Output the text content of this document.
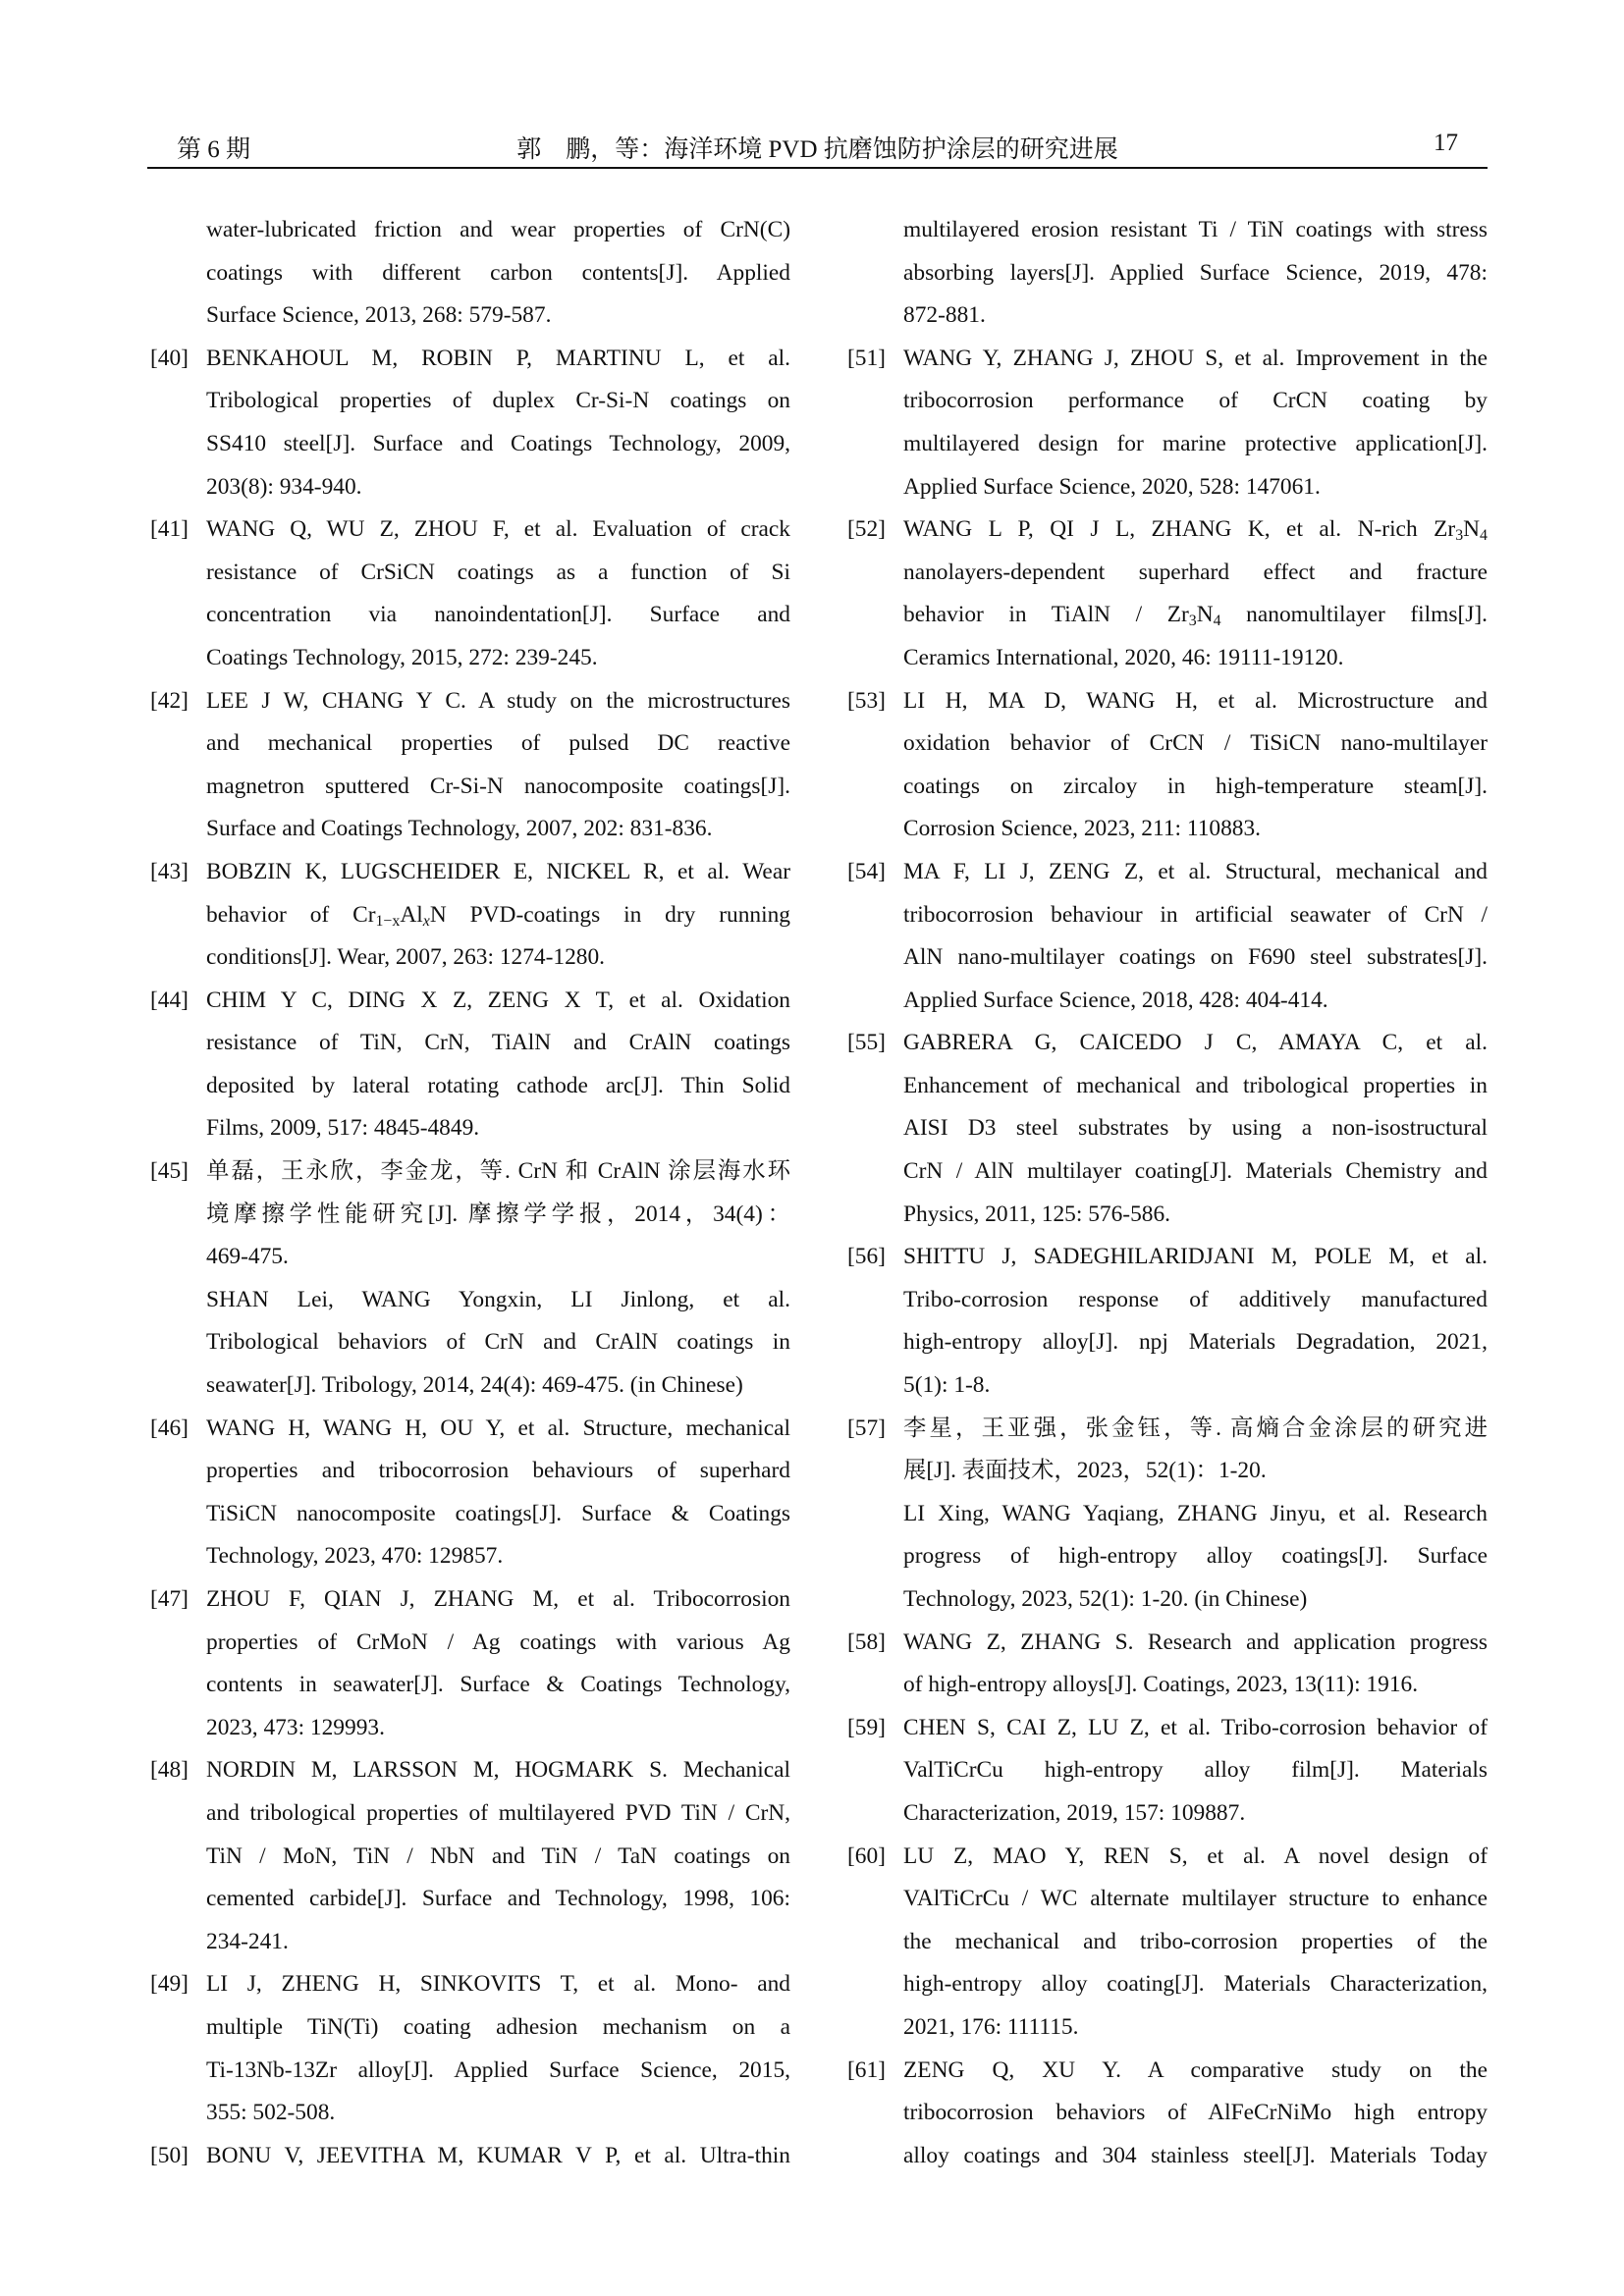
第 6 期	郭　鹏，等：海洋环境 PVD 抗磨蚀防护涂层的研究进展	17
water-lubricated friction and wear properties of CrN(C)
coatings with different carbon contents[J]. Applied
Surface Science, 2013, 268: 579-587.
[40] BENKAHOUL M, ROBIN P, MARTINU L, et al.
Tribological properties of duplex Cr-Si-N coatings on
SS410 steel[J]. Surface and Coatings Technology, 2009,
203(8): 934-940.
[41] WANG Q, WU Z, ZHOU F, et al. Evaluation of crack
resistance of CrSiCN coatings as a function of Si
concentration via nanoindentation[J]. Surface and
Coatings Technology, 2015, 272: 239-245.
[42] LEE J W, CHANG Y C. A study on the microstructures
and mechanical properties of pulsed DC reactive
magnetron sputtered Cr-Si-N nanocomposite coatings[J].
Surface and Coatings Technology, 2007, 202: 831-836.
[43] BOBZIN K, LUGSCHEIDER E, NICKEL R, et al. Wear
behavior of $Cr_{1-x}Al_xN$ PVD-coatings in dry running
conditions[J]. Wear, 2007, 263: 1274-1280.
[44] CHIM Y C, DING X Z, ZENG X T, et al. Oxidation
resistance of TiN, CrN, TiAlN and CrAlN coatings
deposited by lateral rotating cathode arc[J]. Thin Solid
Films, 2009, 517: 4845-4849.
[45] 单磊，王永欣，李金龙，等. CrN 和 CrAlN 涂层海水环
境摩擦学性能研究[J]. 摩擦学学报，2014，34(4)：
469-475.
SHAN Lei, WANG Yongxin, LI Jinlong, et al.
Tribological behaviors of CrN and CrAlN coatings in
seawater[J]. Tribology, 2014, 24(4): 469-475. (in Chinese)
[46] WANG H, WANG H, OU Y, et al. Structure, mechanical
properties and tribocorrosion behaviours of superhard
TiSiCN nanocomposite coatings[J]. Surface & Coatings
Technology, 2023, 470: 129857.
[47] ZHOU F, QIAN J, ZHANG M, et al. Tribocorrosion
properties of CrMoN / Ag coatings with various Ag
contents in seawater[J]. Surface & Coatings Technology,
2023, 473: 129993.
[48] NORDIN M, LARSSON M, HOGMARK S. Mechanical
and tribological properties of multilayered PVD TiN / CrN,
TiN / MoN, TiN / NbN and TiN / TaN coatings on
cemented carbide[J]. Surface and Technology, 1998, 106:
234-241.
[49] LI J, ZHENG H, SINKOVITS T, et al. Mono- and
multiple TiN(Ti) coating adhesion mechanism on a
Ti-13Nb-13Zr alloy[J]. Applied Surface Science, 2015,
355: 502-508.
[50] BONU V, JEEVITHA M, KUMAR V P, et al. Ultra-thin
multilayered erosion resistant Ti / TiN coatings with stress
absorbing layers[J]. Applied Surface Science, 2019, 478:
872-881.
[51] WANG Y, ZHANG J, ZHOU S, et al. Improvement in the
tribocorrosion performance of CrCN coating by
multilayered design for marine protective application[J].
Applied Surface Science, 2020, 528: 147061.
[52] WANG L P, QI J L, ZHANG K, et al. N-rich $Zr_3N_4$
nanolayers-dependent superhard effect and fracture
behavior in TiAlN / $Zr_3N_4$ nanomultilayer films[J].
Ceramics International, 2020, 46: 19111-19120.
[53] LI H, MA D, WANG H, et al. Microstructure and
oxidation behavior of CrCN / TiSiCN nano-multilayer
coatings on zircaloy in high-temperature steam[J].
Corrosion Science, 2023, 211: 110883.
[54] MA F, LI J, ZENG Z, et al. Structural, mechanical and
tribocorrosion behaviour in artificial seawater of CrN /
AlN nano-multilayer coatings on F690 steel substrates[J].
Applied Surface Science, 2018, 428: 404-414.
[55] GABRERA G, CAICEDO J C, AMAYA C, et al.
Enhancement of mechanical and tribological properties in
AISI D3 steel substrates by using a non-isostructural
CrN / AlN multilayer coating[J]. Materials Chemistry and
Physics, 2011, 125: 576-586.
[56] SHITTU J, SADEGHILARIDJANI M, POLE M, et al.
Tribo-corrosion response of additively manufactured
high-entropy alloy[J]. npj Materials Degradation, 2021,
5(1): 1-8.
[57] 李星，王亚强，张金钰，等. 高熵合金涂层的研究进
展[J]. 表面技术，2023，52(1)：1-20.
LI Xing, WANG Yaqiang, ZHANG Jinyu, et al. Research
progress of high-entropy alloy coatings[J]. Surface
Technology, 2023, 52(1): 1-20. (in Chinese)
[58] WANG Z, ZHANG S. Research and application progress
of high-entropy alloys[J]. Coatings, 2023, 13(11): 1916.
[59] CHEN S, CAI Z, LU Z, et al. Tribo-corrosion behavior of
ValTiCrCu high-entropy alloy film[J]. Materials
Characterization, 2019, 157: 109887.
[60] LU Z, MAO Y, REN S, et al. A novel design of
VAlTiCrCu / WC alternate multilayer structure to enhance
the mechanical and tribo-corrosion properties of the
high-entropy alloy coating[J]. Materials Characterization,
2021, 176: 111115.
[61] ZENG Q, XU Y. A comparative study on the
tribocorrosion behaviors of AlFeCrNiMo high entropy
alloy coatings and 304 stainless steel[J]. Materials Today
